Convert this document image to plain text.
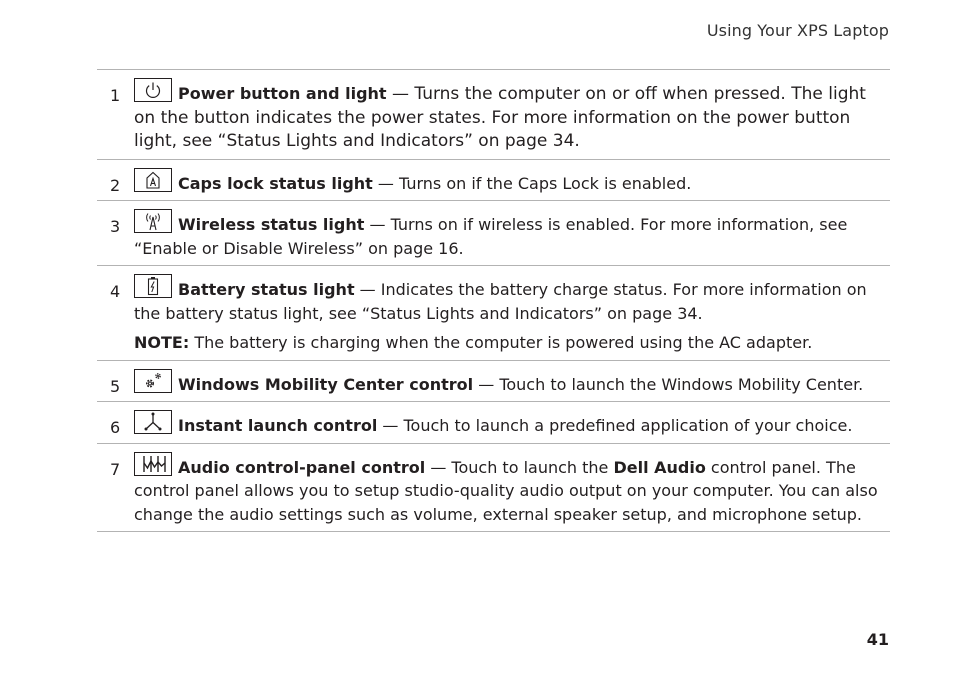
Using Your XPS Laptop
1	Power button and light — Turns the computer on or off when pressed. The light on the button indicates the power states. For more information on the power button light, see “Status Lights and Indicators” on page 34.
2	Caps lock status light — Turns on if the Caps Lock is enabled.
3	Wireless status light — Turns on if wireless is enabled. For more information, see “Enable or Disable Wireless” on page 16.
4	Battery status light — Indicates the battery charge status. For more information on the battery status light, see “Status Lights and Indicators” on page 34.
NOTE: The battery is charging when the computer is powered using the AC adapter.
5	Windows Mobility Center control — Touch to launch the Windows Mobility Center.
6	Instant launch control — Touch to launch a predefined application of your choice.
7	Audio control-panel control — Touch to launch the Dell Audio control panel. The control panel allows you to setup studio-quality audio output on your computer. You can also change the audio settings such as volume, external speaker setup, and microphone setup.
41
